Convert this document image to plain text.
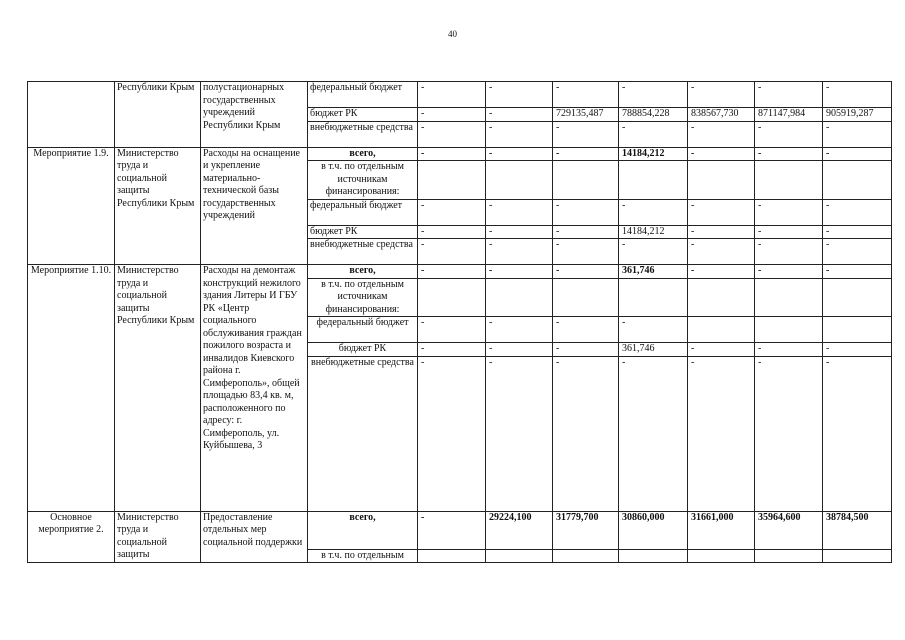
40
	Республики Крым	полустационарных государственных учреждений Республики Крым	федеральный бюджет	-	-	-	-	-	-	-
			бюджет РК	-	-	729135,487	788854,228	838567,730	871147,984	905919,287
			внебюджетные средства	-	-	-	-	-	-	-
Мероприятие 1.9.	Министерство труда и социальной защиты Республики Крым	Расходы на оснащение и укрепление материально-технической базы государственных учреждений	всего,	-	-	-	14184,212	-	-	-
			в т.ч. по отдельным источникам финансирования:							
			федеральный бюджет	-	-	-	-	-	-	-
			бюджет РК	-	-	-	14184,212	-	-	-
			внебюджетные средства	-	-	-	-	-	-	-
Мероприятие 1.10.	Министерство труда и социальной защиты Республики Крым	Расходы на демонтаж конструкций нежилого здания Литеры И ГБУ РК «Центр социального обслуживания граждан пожилого возраста и инвалидов Киевского района г. Симферополь», общей площадью 83,4 кв. м, расположенного по адресу: г. Симферополь, ул. Куйбышева, 3	всего,	-	-	-	361,746	-	-	-
			в т.ч. по отдельным источникам финансирования:							
			федеральный бюджет	-	-	-	-			
			бюджет РК	-	-	-	361,746	-	-	-
			внебюджетные средства	-	-	-	-	-	-	-
Основное мероприятие 2.	Министерство труда и социальной защиты	Предоставление отдельных мер социальной поддержки	всего,	-	29224,100	31779,700	30860,000	31661,000	35964,600	38784,500
			в т.ч. по отдельным							
